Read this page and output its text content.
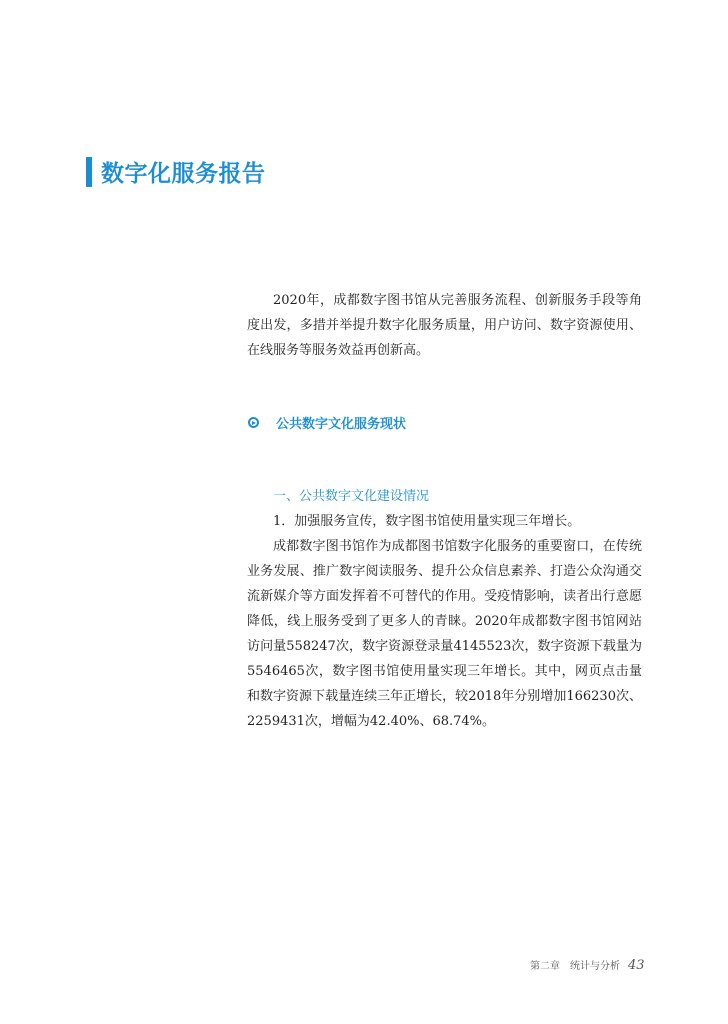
数字化服务报告

2020年，成都数字图书馆从完善服务流程、创新服务手段等角度出发，多措并举提升数字化服务质量，用户访问、数字资源使用、在线服务等服务效益再创新高。

公共数字文化服务现状
一、公共数字文化建设情况
1．加强服务宣传，数字图书馆使用量实现三年增长。

成都数字图书馆作为成都图书馆数字化服务的重要窗口，在传统业务发展、推广数字阅读服务、提升公众信息素养、打造公众沟通交流新媒介等方面发挥着不可替代的作用。受疫情影响，读者出行意愿降低，线上服务受到了更多人的青睐。2020年成都数字图书馆网站访问量558247次，数字资源登录量4145523次，数字资源下载量为5546465次，数字图书馆使用量实现三年增长。其中，网页点击量和数字资源下载量连续三年正增长，较2018年分别增加166230次、2259431次，增幅为42.40%、68.74%。

第二章　统计与分析 43
